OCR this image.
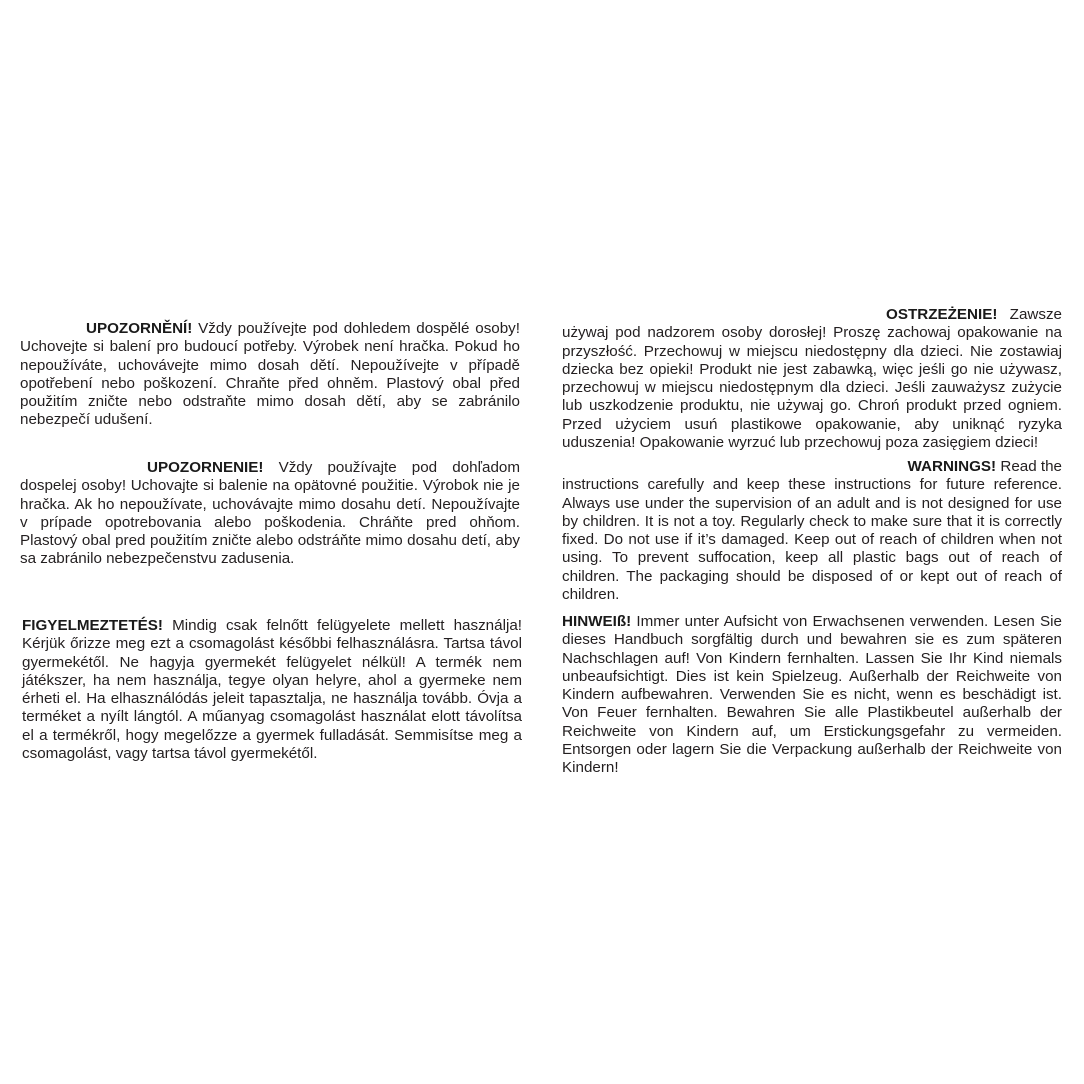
UPOZORNĚNÍ! Vždy používejte pod dohledem dospělé osoby! Uchovejte si balení pro budoucí potřeby. Výrobek není hračka. Pokud ho nepoužíváte, uchovávejte mimo dosah dětí. Nepoužívejte v případě opotřebení nebo poškození. Chraňte před ohněm. Plastový obal před použitím zničte nebo odstraňte mimo dosah dětí, aby se zabránilo nebezpečí udušení.
UPOZORNENIE! Vždy používajte pod dohľadom dospelej osoby! Uchovajte si balenie na opätovné použitie. Výrobok nie je hračka. Ak ho nepoužívate, uchovávajte mimo dosahu detí. Nepoužívajte v prípade opotrebovania alebo poškodenia. Chráňte pred ohňom. Plastový obal pred použitím zničte alebo odstráňte mimo dosahu detí, aby sa zabránilo nebezpečenstvu zadusenia.
FIGYELMEZTETÉS! Mindig csak felnőtt felügyelete mellett használja! Kérjük őrizze meg ezt a csomagolást későbbi felhasználásra. Tartsa távol gyermekétől. Ne hagyja gyermekét felügyelet nélkül! A termék nem játékszer, ha nem használja, tegye olyan helyre, ahol a gyermeke nem érheti el. Ha elhasználódás jeleit tapasztalja, ne használja tovább. Óvja a terméket a nyílt lángtól. A műanyag csomagolást használat elott távolítsa el a termékről, hogy megelőzze a gyermek fulladását. Semmisítse meg a csomagolást, vagy tartsa távol gyermekétől.
OSTRZEŻENIE! Zawsze używaj pod nadzorem osoby dorosłej! Proszę zachowaj opakowanie na przyszłość. Przechowuj w miejscu niedostępny dla dzieci. Nie zostawiaj dziecka bez opieki! Produkt nie jest zabawką, więc jeśli go nie używasz, przechowuj w miejscu niedostępnym dla dzieci. Jeśli zauważysz zużycie lub uszkodzenie produktu, nie używaj go. Chroń produkt przed ogniem. Przed użyciem usuń plastikowe opakowanie, aby uniknąć ryzyka uduszenia! Opakowanie wyrzuć lub przechowuj poza zasięgiem dzieci!
WARNINGS! Read the
instructions carefully and keep these instructions for future reference. Always use under the supervision of an adult and is not designed for use by children. It is not a toy. Regularly check to make sure that it is correctly fixed. Do not use if it’s damaged. Keep out of reach of children when not using. To prevent suffocation, keep all plastic bags out of reach of children. The packaging should be disposed of or kept out of reach of children.
HINWEIß! Immer unter Aufsicht von Erwachsenen verwenden. Lesen Sie dieses Handbuch sorgfältig durch und bewahren sie es zum späteren Nachschlagen auf! Von Kindern fernhalten. Lassen Sie Ihr Kind niemals unbeaufsichtigt. Dies ist kein Spielzeug. Außerhalb der Reichweite von Kindern aufbewahren. Verwenden Sie es nicht, wenn es beschädigt ist. Von Feuer fernhalten. Bewahren Sie alle Plastikbeutel außerhalb der Reichweite von Kindern auf, um Erstickungsgefahr zu vermeiden. Entsorgen oder lagern Sie die Verpackung außerhalb der Reichweite von Kindern!
